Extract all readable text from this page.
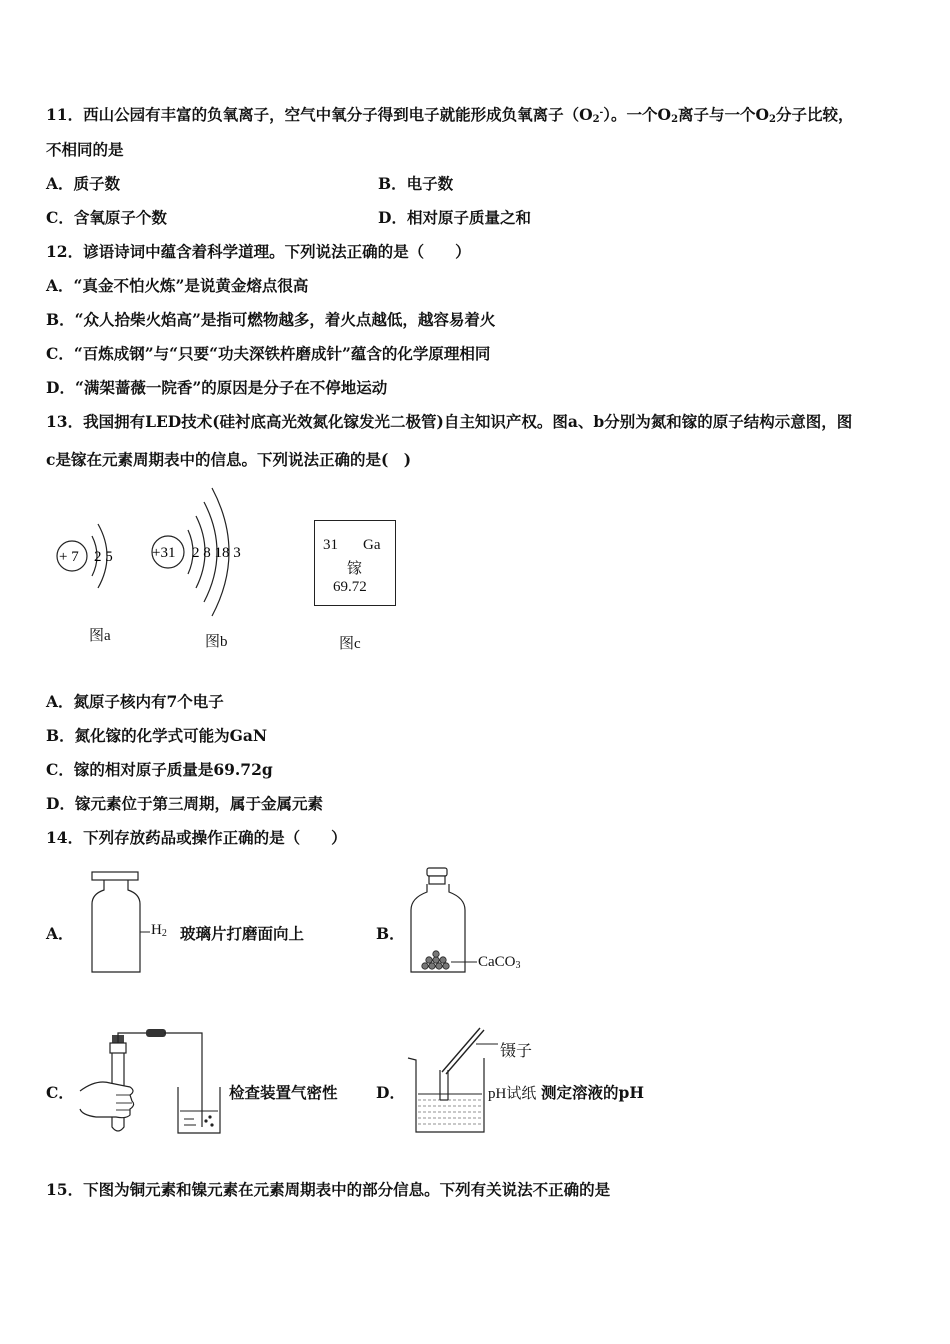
11．西山公园有丰富的负氧离子，空气中氧分子得到电子就能形成负氧离子（O2-）。一个O2离子与一个O2分子比较，
不相同的是
A．质子数	B．电子数
C．含氧原子个数	D．相对原子质量之和
12．谚语诗词中蕴含着科学道理。下列说法正确的是（　　）
A．“真金不怕火炼”是说黄金熔点很高
B．“众人拾柴火焰高”是指可燃物越多，着火点越低，越容易着火
C．“百炼成钢”与“只要“功夫深铁杵磨成针”蕴含的化学原理相同
D．“满架蔷薇一院香”的原因是分子在不停地运动
13．我国拥有LED技术(硅衬底高光效氮化镓发光二极管)自主知识产权。图a、b分别为氮和镓的原子结构示意图，图
c是镓在元素周期表中的信息。下列说法正确的是(　)
+ 7 2 5
图a
+31 2 8 18 3
图b
31 Ga
镓
69.72
图c
A．氮原子核内有7个电子
B．氮化镓的化学式可能为GaN
C．镓的相对原子质量是69.72g
D．镓元素位于第三周期，属于金属元素
14．下列存放药品或操作正确的是（　　）
A．	H2 玻璃片打磨面向上	B．
CaCO3
C．	检查装置气密性 D．
镊子
pH试纸 测定溶液的pH
15．下图为铜元素和镍元素在元素周期表中的部分信息。下列有关说法不正确的是
